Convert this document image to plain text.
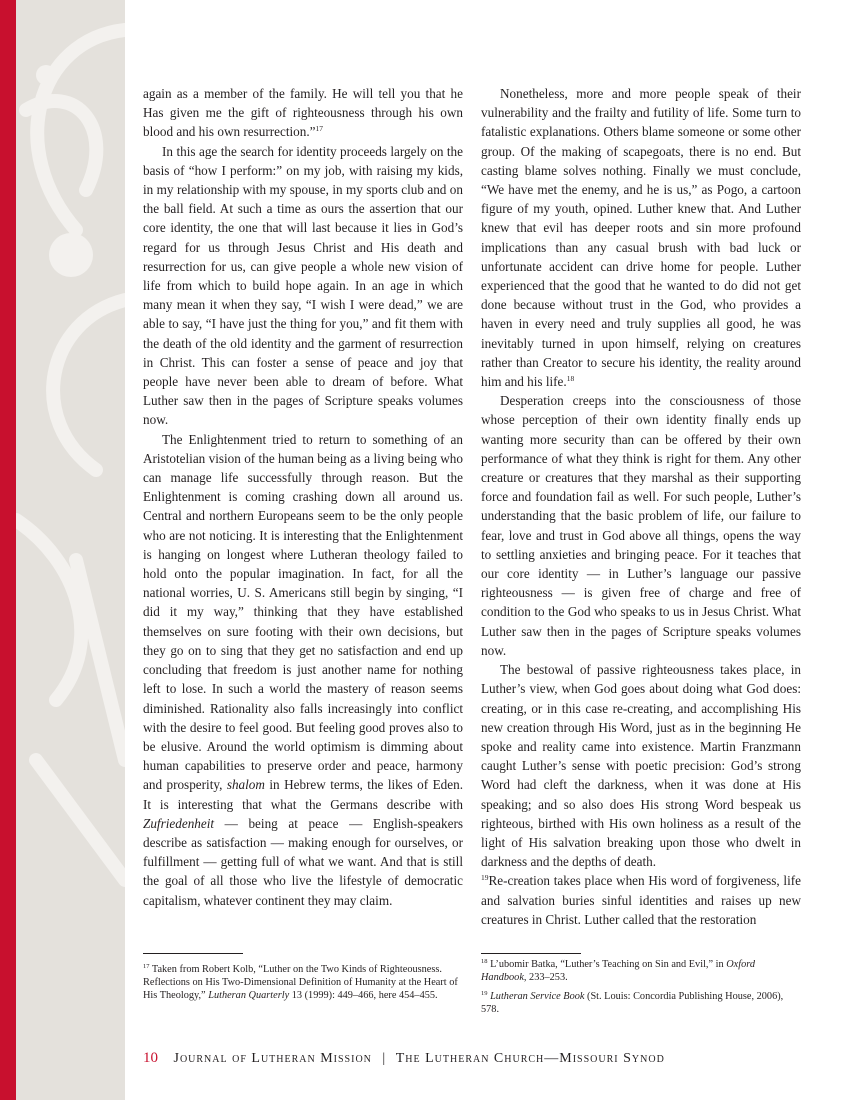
again as a member of the family. He will tell you that he Has given me the gift of righteousness through his own blood and his own resurrection.”$^{17}$

In this age the search for identity proceeds largely on the basis of “how I perform:” on my job, with raising my kids, in my relationship with my spouse, in my sports club and on the ball field. At such a time as ours the assertion that our core identity, the one that will last because it lies in God’s regard for us through Jesus Christ and His death and resurrection for us, can give people a whole new vision of life from which to build hope again. In an age in which many mean it when they say, “I wish I were dead,” we are able to say, “I have just the thing for you,” and fit them with the death of the old identity and the garment of resurrection in Christ. This can foster a sense of peace and joy that people have never been able to dream of before. What Luther saw then in the pages of Scripture speaks volumes now.

The Enlightenment tried to return to something of an Aristotelian vision of the human being as a living being who can manage life successfully through reason. But the Enlightenment is coming crashing down all around us. Central and northern Europeans seem to be the only people who are not noticing. It is interesting that the Enlightenment is hanging on longest where Lutheran theology failed to hold onto the popular imagination. In fact, for all the national worries, U. S. Americans still begin by singing, “I did it my way,” thinking that they have established themselves on sure footing with their own decisions, but they go on to sing that they get no satisfaction and end up concluding that freedom is just another name for nothing left to lose. In such a world the mastery of reason seems diminished. Rationality also falls increasingly into conflict with the desire to feel good. But feeling good proves also to be elusive. Around the world optimism is dimming about human capabilities to preserve order and peace, harmony and prosperity, shalom in Hebrew terms, the likes of Eden. It is interesting that what the Germans describe with Zufriedenheit — being at peace — English-speakers describe as satisfaction — making enough for ourselves, or fulfillment — getting full of what we want. And that is still the goal of all those who live the lifestyle of democratic capitalism, whatever continent they may claim.

Nonetheless, more and more people speak of their vulnerability and the frailty and futility of life. Some turn to fatalistic explanations. Others blame someone or some other group. Of the making of scapegoats, there is no end. But casting blame solves nothing. Finally we must conclude, “We have met the enemy, and he is us,” as Pogo, a cartoon figure of my youth, opined. Luther knew that. And Luther knew that evil has deeper roots and sin more profound implications than any casual brush with bad luck or unfortunate accident can drive home for people. Luther experienced that the good that he wanted to do did not get done because without trust in the God, who provides a haven in every need and truly supplies all good, he was inevitably turned in upon himself, relying on creatures rather than Creator to secure his identity, the reality around him and his life.$^{18}$

Desperation creeps into the consciousness of those whose perception of their own identity finally ends up wanting more security than can be offered by their own performance of what they think is right for them. Any other creature or creatures that they marshal as their supporting force and foundation fail as well. For such people, Luther’s understanding that the basic problem of life, our failure to fear, love and trust in God above all things, opens the way to settling anxieties and bringing peace. For it teaches that our core identity — in Luther’s language our passive righteousness — is given free of charge and free of condition to the God who speaks to us in Jesus Christ. What Luther saw then in the pages of Scripture speaks volumes now.

The bestowal of passive righteousness takes place, in Luther’s view, when God goes about doing what God does: creating, or in this case re-creating, and accomplishing His new creation through His Word, just as in the beginning He spoke and reality came into existence. Martin Franzmann caught Luther’s sense with poetic precision: God’s strong Word had cleft the darkness, when it was done at His speaking; and so also does His strong Word bespeak us righteous, birthed with His own holiness as a result of the light of His salvation breaking upon those who dwelt in darkness and the depths of death.
$^{19}$Re-creation takes place when His word of forgiveness, life and salvation buries sinful identities and raises up new creatures in Christ. Luther called that the restoration

$^{17}$ Taken from Robert Kolb, “Luther on the Two Kinds of Righteousness. Reflections on His Two-Dimensional Definition of Humanity at the Heart of His Theology,” Lutheran Quarterly 13 (1999): 449–466, here 454–455.

$^{18}$ L’ubomir Batka, “Luther’s Teaching on Sin and Evil,” in Oxford Handbook, 233–253.

$^{19}$ Lutheran Service Book (St. Louis: Concordia Publishing House, 2006), 578.

10 Journal of Lutheran Mission | The Lutheran Church—Missouri Synod
